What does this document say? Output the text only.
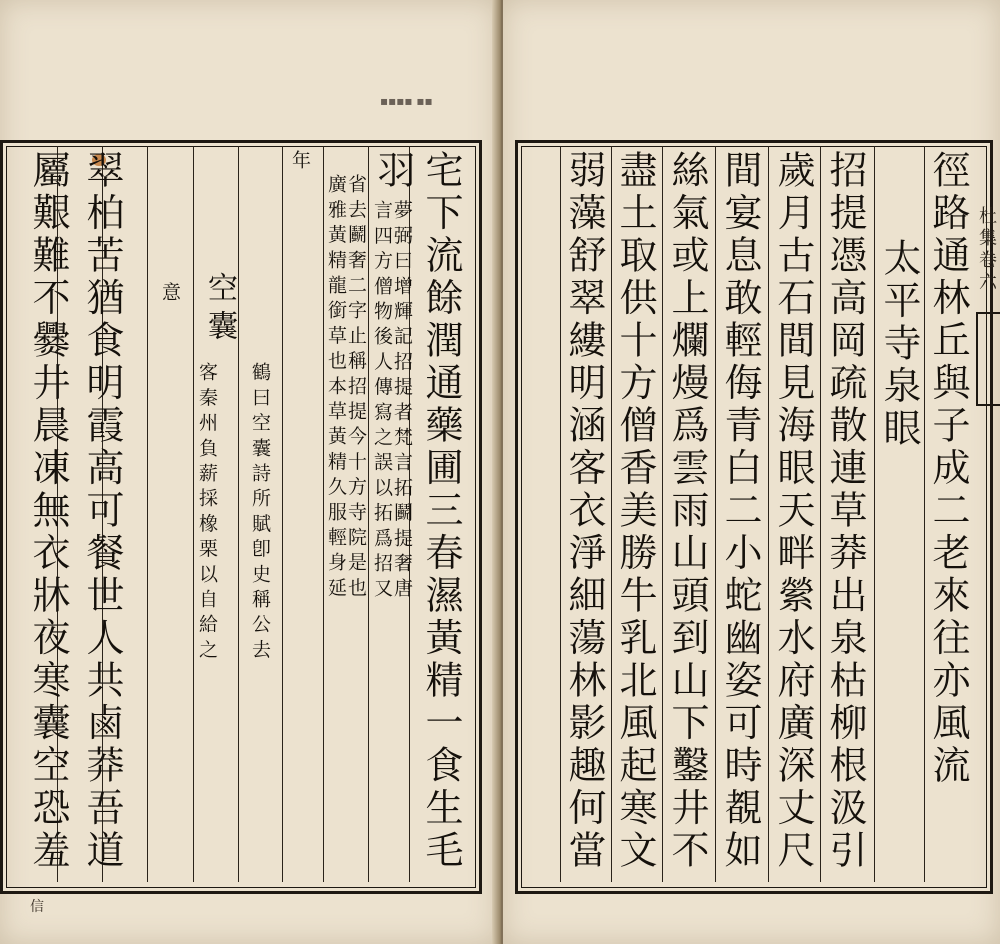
▪▪▪▪ ▪▪
宅下流餘潤通藥圃三春濕黃精一食生毛
羽
夢弼曰增輝記招提者梵言拓鬬提奢唐
言四方僧物後人傳寫之誤以拓爲招又
省去鬬奢二字止稱招提今十方寺院是也
廣雅黃精龍銜草也本草黃精久服輕身延
年
空囊
鶴曰空囊詩所賦卽史稱公去
客秦州負薪採橡栗以自給之
意
翠柏苦猶食明霞高可餐世人共鹵莽吾道
屬艱難不爨井晨凍無衣牀夜寒囊空恐羞
信
徑路通林丘與子成二老來往亦風流
太平寺泉眼
招提憑高岡疏散連草莽出泉枯柳根汲引
歲月古石間見海眼天畔縈水府廣深丈尺
間宴息敢輕侮青白二小蛇幽姿可時覩如
絲氣或上爛熳爲雲雨山頭到山下鑿井不
盡土取供十方僧香美勝牛乳北風起寒文
弱藻舒翠縷明涵客衣淨細蕩林影趣何當	杜集卷六
